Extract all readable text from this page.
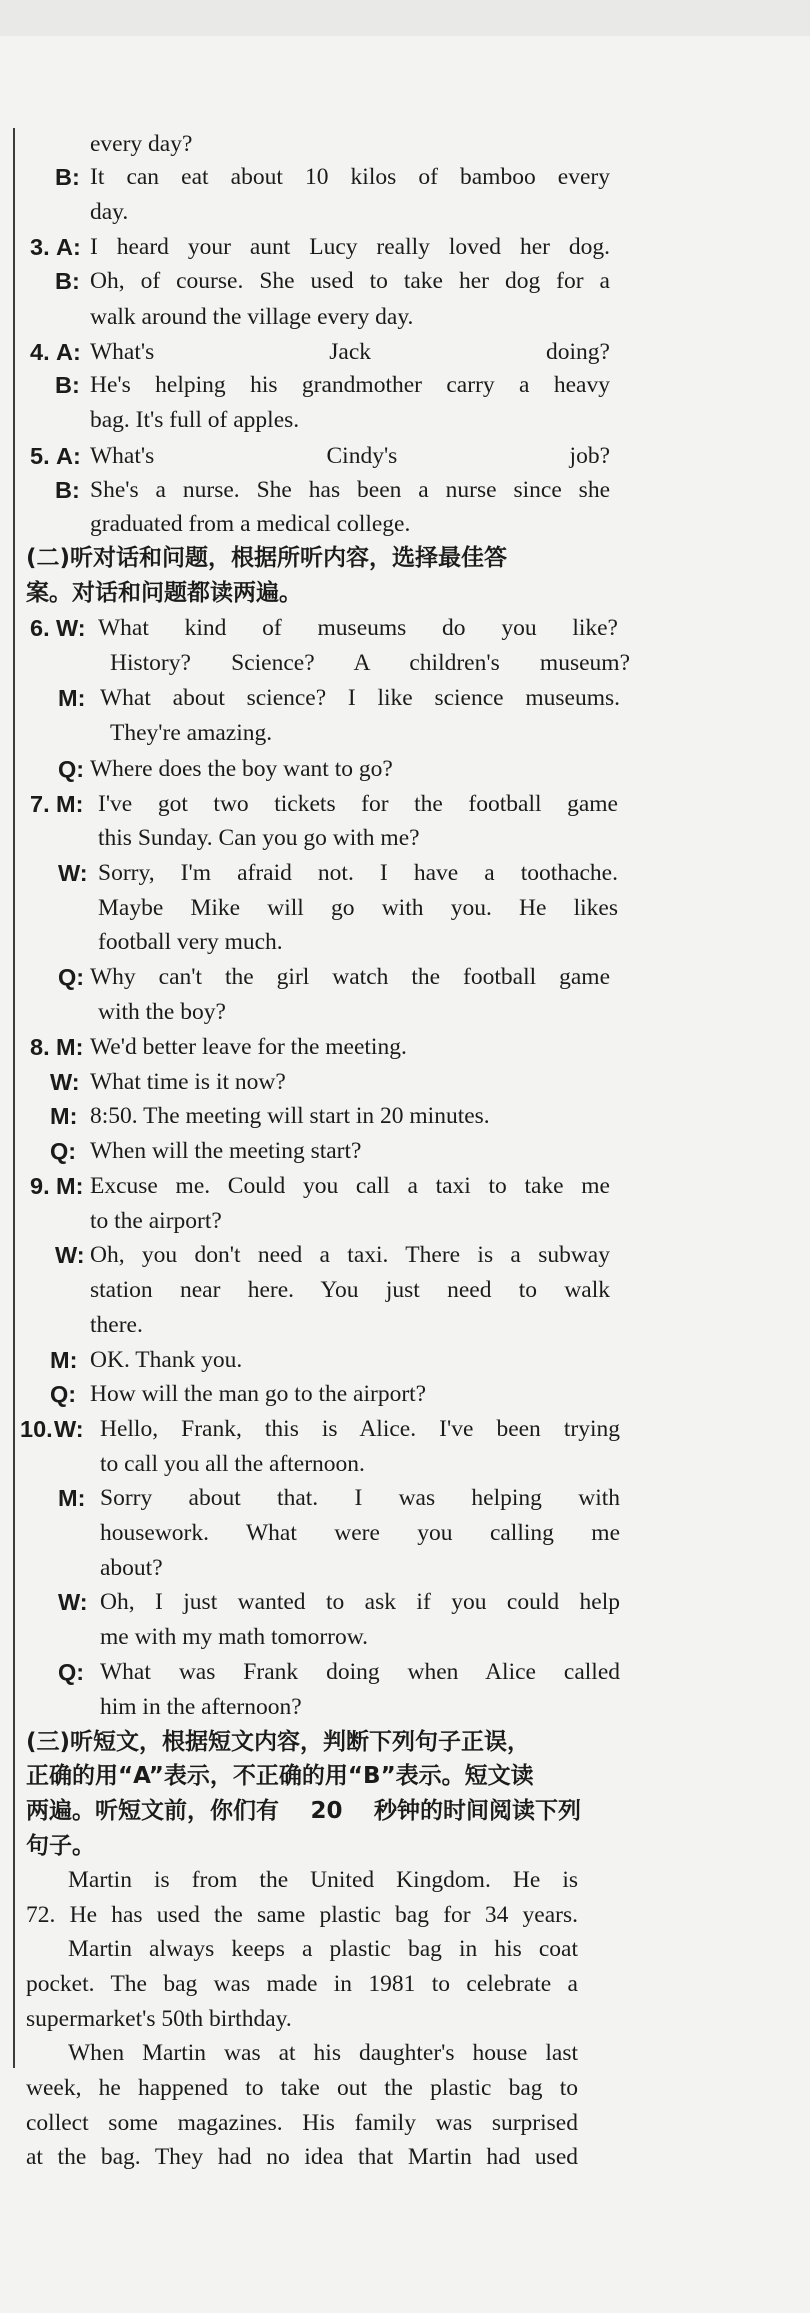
every day?
B: It can eat about 10 kilos of bamboo every
day.
3. A: I heard your aunt Lucy really loved her dog.
B: Oh, of course. She used to take her dog for a
walk around the village every day.
4. A: What's Jack doing?
B: He's helping his grandmother carry a heavy
bag. It's full of apples.
5. A: What's Cindy's job?
B: She's a nurse. She has been a nurse since she
graduated from a medical college.
(二)听对话和问题，根据所听内容，选择最佳答
案。对话和问题都读两遍。
6. W: What kind of museums do you like?
History? Science? A children's museum?
M: What about science? I like science museums.
They're amazing.
Q: Where does the boy want to go?
7. M: I've got two tickets for the football game
this Sunday. Can you go with me?
W: Sorry, I'm afraid not. I have a toothache.
Maybe Mike will go with you. He likes
football very much.
Q: Why can't the girl watch the football game
with the boy?
8. M: We'd better leave for the meeting.
W: What time is it now?
M: 8:50. The meeting will start in 20 minutes.
Q: When will the meeting start?
9. M: Excuse me. Could you call a taxi to take me
to the airport?
W: Oh, you don't need a taxi. There is a subway
station near here. You just need to walk
there.
M: OK. Thank you.
Q: How will the man go to the airport?
10. W: Hello, Frank, this is Alice. I've been trying
to call you all the afternoon.
M: Sorry about that. I was helping with
housework. What were you calling me
about?
W: Oh, I just wanted to ask if you could help
me with my math tomorrow.
Q: What was Frank doing when Alice called
him in the afternoon?
(三)听短文，根据短文内容，判断下列句子正误，
正确的用“A”表示，不正确的用“B”表示。短文读
两遍。听短文前，你们有 20 秒钟的时间阅读下列
句子。
Martin is from the United Kingdom. He is
72. He has used the same plastic bag for 34 years.
Martin always keeps a plastic bag in his coat
pocket. The bag was made in 1981 to celebrate a
supermarket's 50th birthday.
When Martin was at his daughter's house last
week, he happened to take out the plastic bag to
collect some magazines. His family was surprised
at the bag. They had no idea that Martin had used
